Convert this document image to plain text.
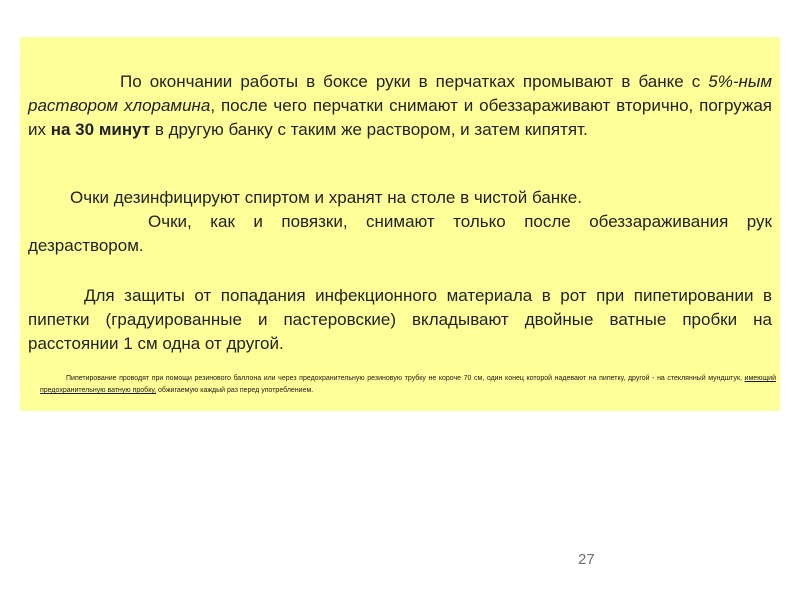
По окончании работы в боксе руки в перчатках промывают в банке с 5%-ным раствором хлорамина, после чего перчатки снимают и обеззараживают вторично, погружая их на 30 минут в другую банку с таким же раствором, и затем кипятят.

Очки дезинфицируют спиртом и хранят на столе в чистой банке.
Очки, как и повязки, снимают только после обеззараживания рук дезраствором.

Для защиты от попадания инфекционного материала в рот при пипетировании в пипетки (градуированные и пастеровские) вкладывают двойные ватные пробки на расстоянии 1 см одна от другой.

Пипетирование проводят при помощи резинового баллона или через предохранительную резиновую трубку не короче 70 см, один конец которой надевают на пипетку, другой - на стеклянный мундштук, имеющий предохранительную ватную пробку, обжигаемую каждый раз перед употреблением.

27
